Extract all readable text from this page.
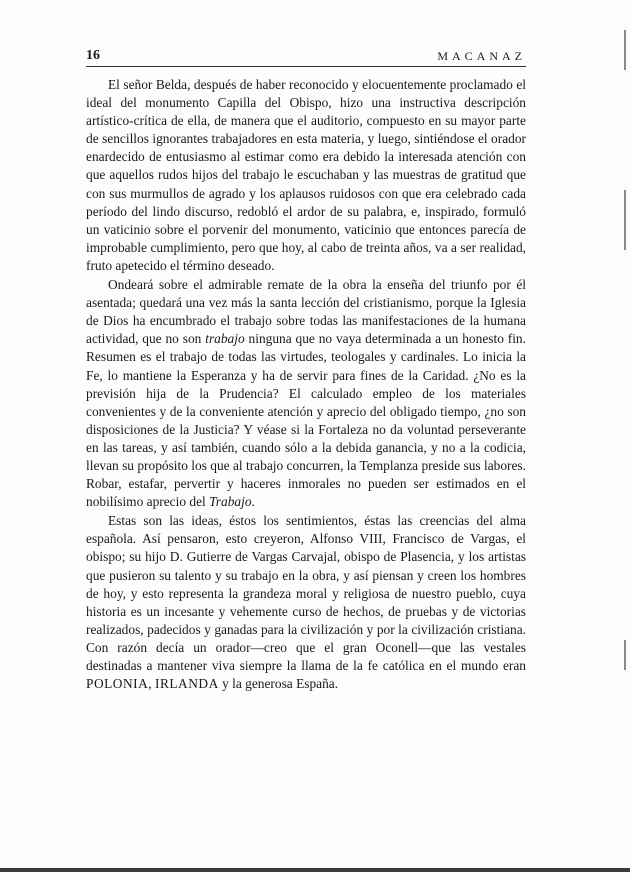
16	MACANAZ

El señor Belda, después de haber reconocido y elocuentemente proclamado el ideal del monumento Capilla del Obispo, hizo una instructiva descripción artístico-crítica de ella, de manera que el auditorio, compuesto en su mayor parte de sencillos ignorantes trabajadores en esta materia, y luego, sintiéndose el orador enardecido de entusiasmo al estimar como era debido la interesada atención con que aquellos rudos hijos del trabajo le escuchaban y las muestras de gratitud que con sus murmullos de agrado y los aplausos ruidosos con que era celebrado cada período del lindo discurso, redobló el ardor de su palabra, e, inspirado, formuló un vaticinio sobre el porvenir del monumento, vaticinio que entonces parecía de improbable cumplimiento, pero que hoy, al cabo de treinta años, va a ser realidad, fruto apetecido el término deseado.

Ondeará sobre el admirable remate de la obra la enseña del triunfo por él asentada; quedará una vez más la santa lección del cristianismo, porque la Iglesia de Dios ha encumbrado el trabajo sobre todas las manifestaciones de la humana actividad, que no son trabajo ninguna que no vaya determinada a un honesto fin. Resumen es el trabajo de todas las virtudes, teologales y cardinales. Lo inicia la Fe, lo mantiene la Esperanza y ha de servir para fines de la Caridad. ¿No es la previsión hija de la Prudencia? El calculado empleo de los materiales convenientes y de la conveniente atención y aprecio del obligado tiempo, ¿no son disposiciones de la Justicia? Y véase si la Fortaleza no da voluntad perseverante en las tareas, y así también, cuando sólo a la debida ganancia, y no a la codicia, llevan su propósito los que al trabajo concurren, la Templanza preside sus labores. Robar, estafar, pervertir y haceres inmorales no pueden ser estimados en el nobilísimo aprecio del Trabajo.

Estas son las ideas, éstos los sentimientos, éstas las creencias del alma española. Así pensaron, esto creyeron, Alfonso VIII, Francisco de Vargas, el obispo; su hijo D. Gutierre de Vargas Carvajal, obispo de Plasencia, y los artistas que pusieron su talento y su trabajo en la obra, y así piensan y creen los hombres de hoy, y esto representa la grandeza moral y religiosa de nuestro pueblo, cuya historia es un incesante y vehemente curso de hechos, de pruebas y de victorias realizados, padecidos y ganadas para la civilización y por la civilización cristiana. Con razón decía un orador—creo que el gran Oconell—que las vestales destinadas a mantener viva siempre la llama de la fe católica en el mundo eran POLONIA, IRLANDA y la generosa España.
